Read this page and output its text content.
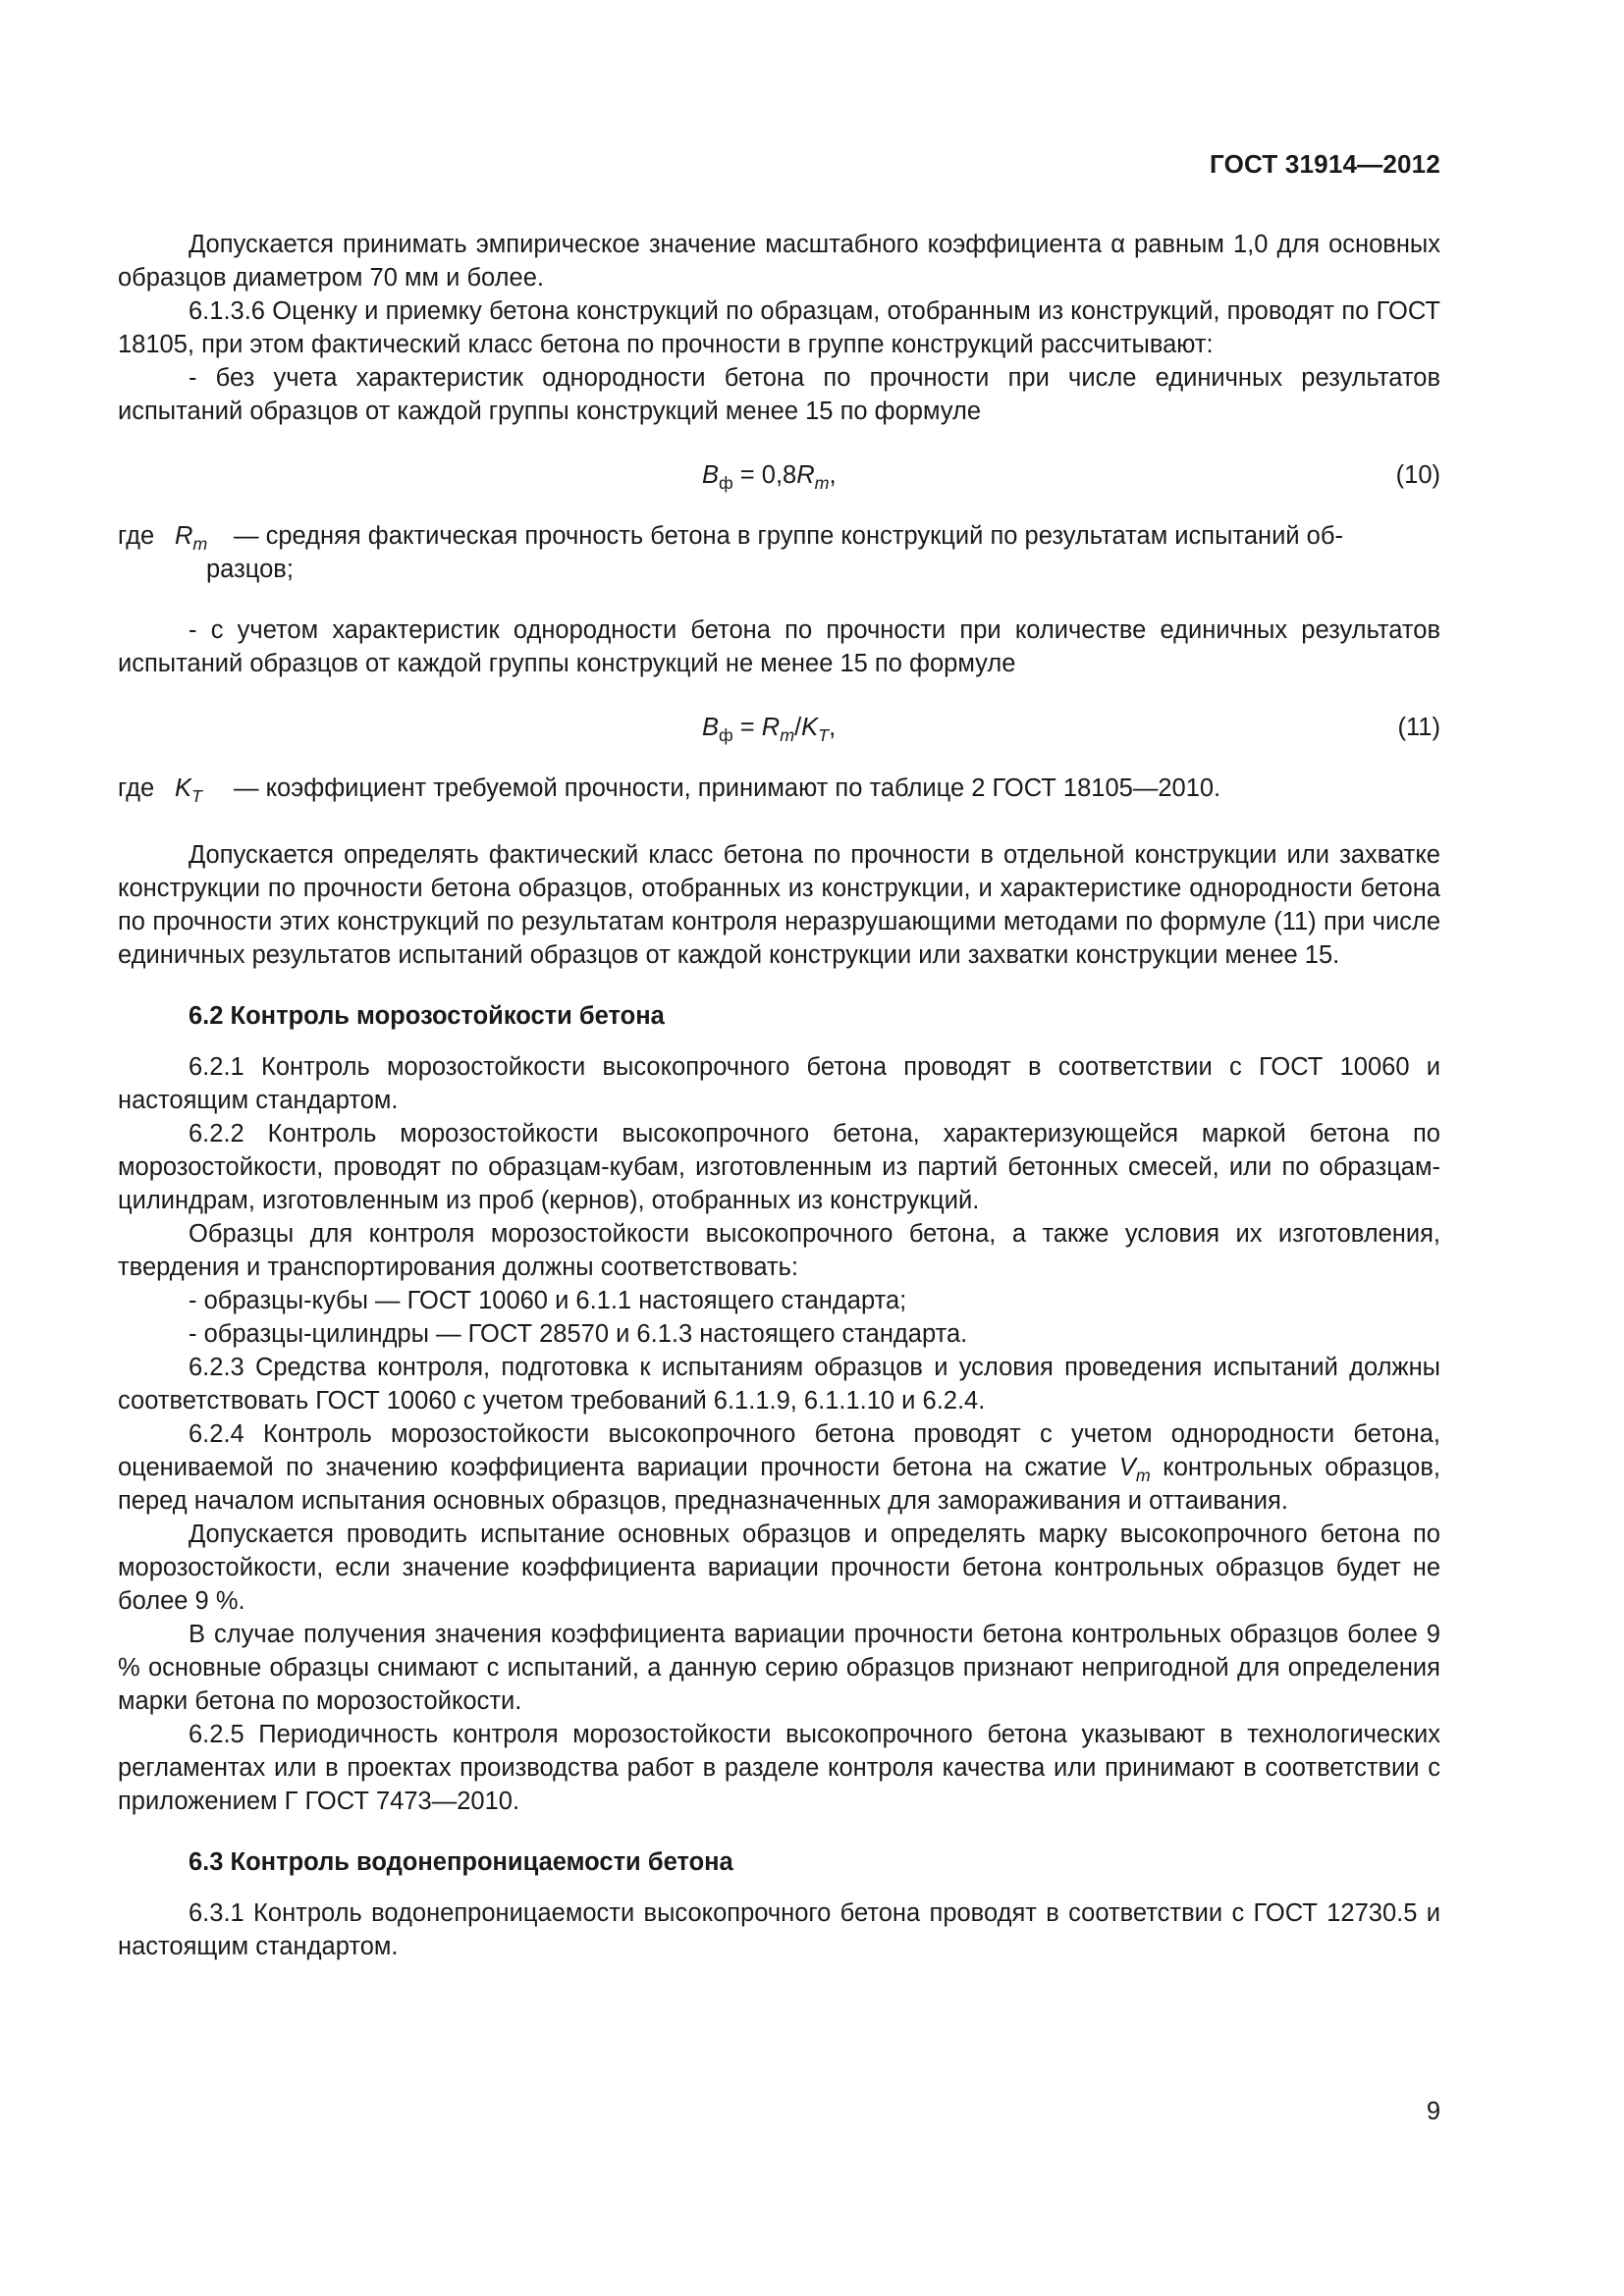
ГОСТ 31914—2012

Допускается принимать эмпирическое значение масштабного коэффициента α равным 1,0 для основных образцов диаметром 70 мм и более.

6.1.3.6 Оценку и приемку бетона конструкций по образцам, отобранным из конструкций, проводят по ГОСТ 18105, при этом фактический класс бетона по прочности в группе конструкций рассчитывают:

- без учета характеристик однородности бетона по прочности при числе единичных результатов испытаний образцов от каждой группы конструкций менее 15 по формуле

$B_ф = 0,8R_m$,	(10)
где $R_m$	— средняя фактическая прочность бетона в группе конструкций по результатам испытаний об-

разцов;

- с учетом характеристик однородности бетона по прочности при количестве единичных результатов испытаний образцов от каждой группы конструкций не менее 15 по формуле

$B_ф = R_m/K_T$,	(11)
где $K_T$	— коэффициент требуемой прочности, принимают по таблице 2 ГОСТ 18105—2010.

Допускается определять фактический класс бетона по прочности в отдельной конструкции или захватке конструкции по прочности бетона образцов, отобранных из конструкции, и характеристике однородности бетона по прочности этих конструкций по результатам контроля неразрушающими методами по формуле (11) при числе единичных результатов испытаний образцов от каждой конструкции или захватки конструкции менее 15.

6.2 Контроль морозостойкости бетона

6.2.1 Контроль морозостойкости высокопрочного бетона проводят в соответствии с ГОСТ 10060 и настоящим стандартом.

6.2.2 Контроль морозостойкости высокопрочного бетона, характеризующейся маркой бетона по морозостойкости, проводят по образцам-кубам, изготовленным из партий бетонных смесей, или по образцам-цилиндрам, изготовленным из проб (кернов), отобранных из конструкций.

Образцы для контроля морозостойкости высокопрочного бетона, а также условия их изготовления, твердения и транспортирования должны соответствовать:

- образцы-кубы — ГОСТ 10060 и 6.1.1 настоящего стандарта;

- образцы-цилиндры — ГОСТ 28570 и 6.1.3 настоящего стандарта.

6.2.3 Средства контроля, подготовка к испытаниям образцов и условия проведения испытаний должны соответствовать ГОСТ 10060 с учетом требований 6.1.1.9, 6.1.1.10 и 6.2.4.

6.2.4 Контроль морозостойкости высокопрочного бетона проводят с учетом однородности бетона, оцениваемой по значению коэффициента вариации прочности бетона на сжатие $V_m$ контрольных образцов, перед началом испытания основных образцов, предназначенных для замораживания и оттаивания.

Допускается проводить испытание основных образцов и определять марку высокопрочного бетона по морозостойкости, если значение коэффициента вариации прочности бетона контрольных образцов будет не более 9 %.

В случае получения значения коэффициента вариации прочности бетона контрольных образцов более 9 % основные образцы снимают с испытаний, а данную серию образцов признают непригодной для определения марки бетона по морозостойкости.

6.2.5 Периодичность контроля морозостойкости высокопрочного бетона указывают в технологических регламентах или в проектах производства работ в разделе контроля качества или принимают в соответствии с приложением Г ГОСТ 7473—2010.

6.3 Контроль водонепроницаемости бетона

6.3.1 Контроль водонепроницаемости высокопрочного бетона проводят в соответствии с ГОСТ 12730.5 и настоящим стандартом.

9
